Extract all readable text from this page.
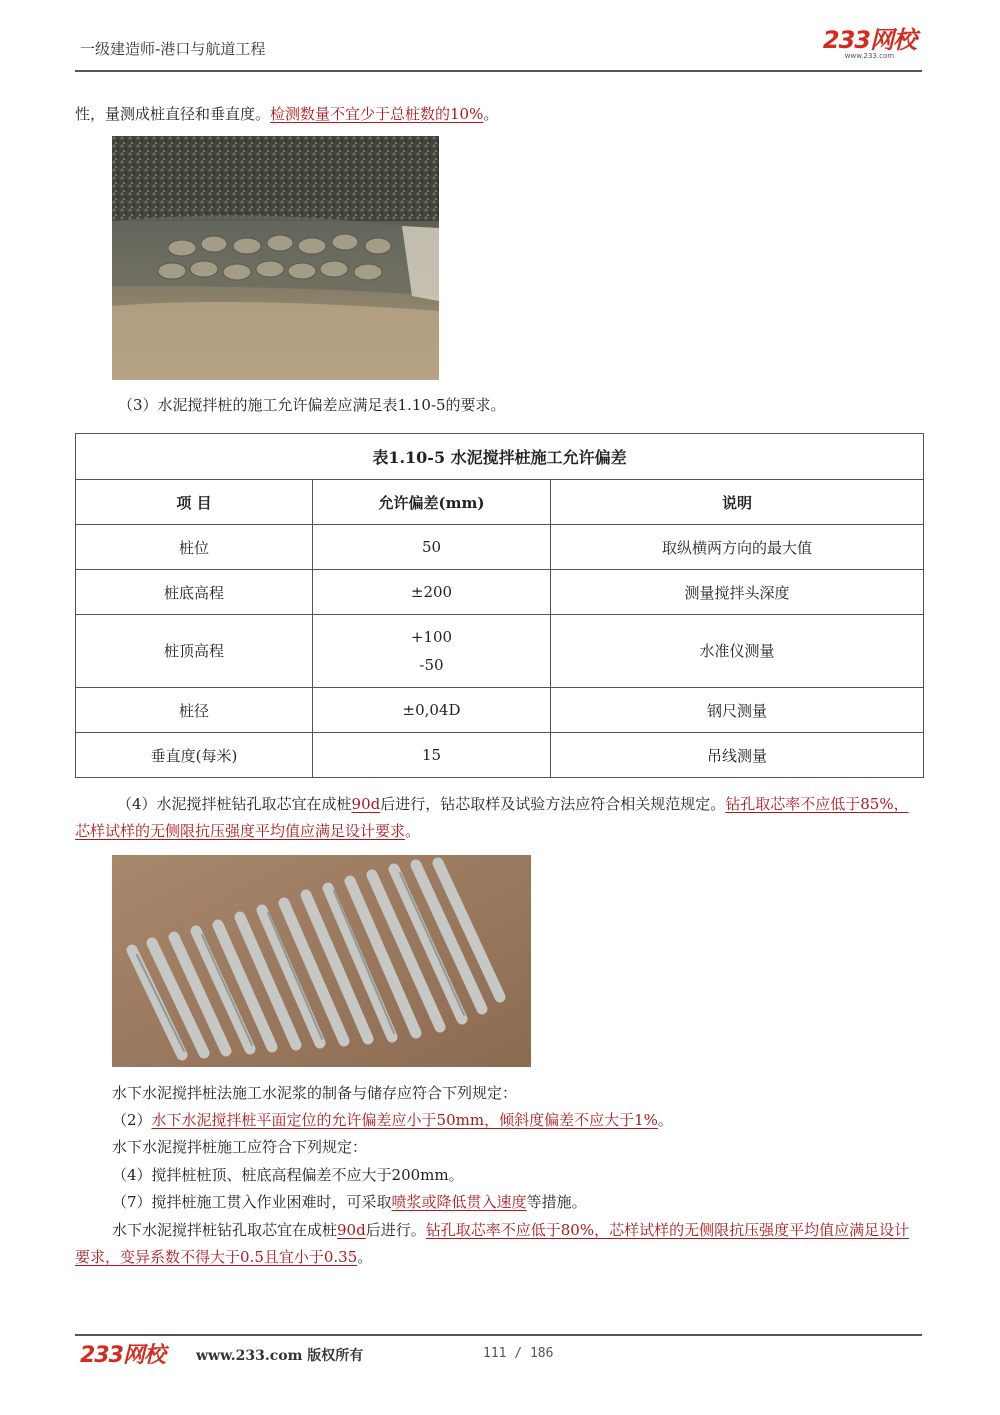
一级建造师-港口与航道工程	233网校
www.233.com
性，量测成桩直径和垂直度。检测数量不宜少于总桩数的10%。
（3）水泥搅拌桩的施工允许偏差应满足表1.10-5的要求。
表1.10-5 水泥搅拌桩施工允许偏差		
项 目	允许偏差(mm)	说明
桩位	50	取纵横两方向的最大值
桩底高程	±200	测量搅拌头深度
桩顶高程	+100
-50	水准仪测量
桩径	±0,04D	钢尺测量
垂直度(每米)	15	吊线测量
（4）水泥搅拌桩钻孔取芯宜在成桩90d后进行，钻芯取样及试验方法应符合相关规范规定。钻孔取芯率不应低于85%，芯样试样的无侧限抗压强度平均值应满足设计要求。
水下水泥搅拌桩法施工水泥浆的制备与储存应符合下列规定：
（2）水下水泥搅拌桩平面定位的允许偏差应小于50mm，倾斜度偏差不应大于1%。
水下水泥搅拌桩施工应符合下列规定：
（4）搅拌桩桩顶、桩底高程偏差不应大于200mm。
（7）搅拌桩施工贯入作业困难时，可采取喷浆或降低贯入速度等措施。
水下水泥搅拌桩钻孔取芯宜在成桩90d后进行。钻孔取芯率不应低于80%，芯样试样的无侧限抗压强度平均值应满足设计要求，变异系数不得大于0.5且宜小于0.35。
233网校 www.233.com 版权所有	111 / 186
